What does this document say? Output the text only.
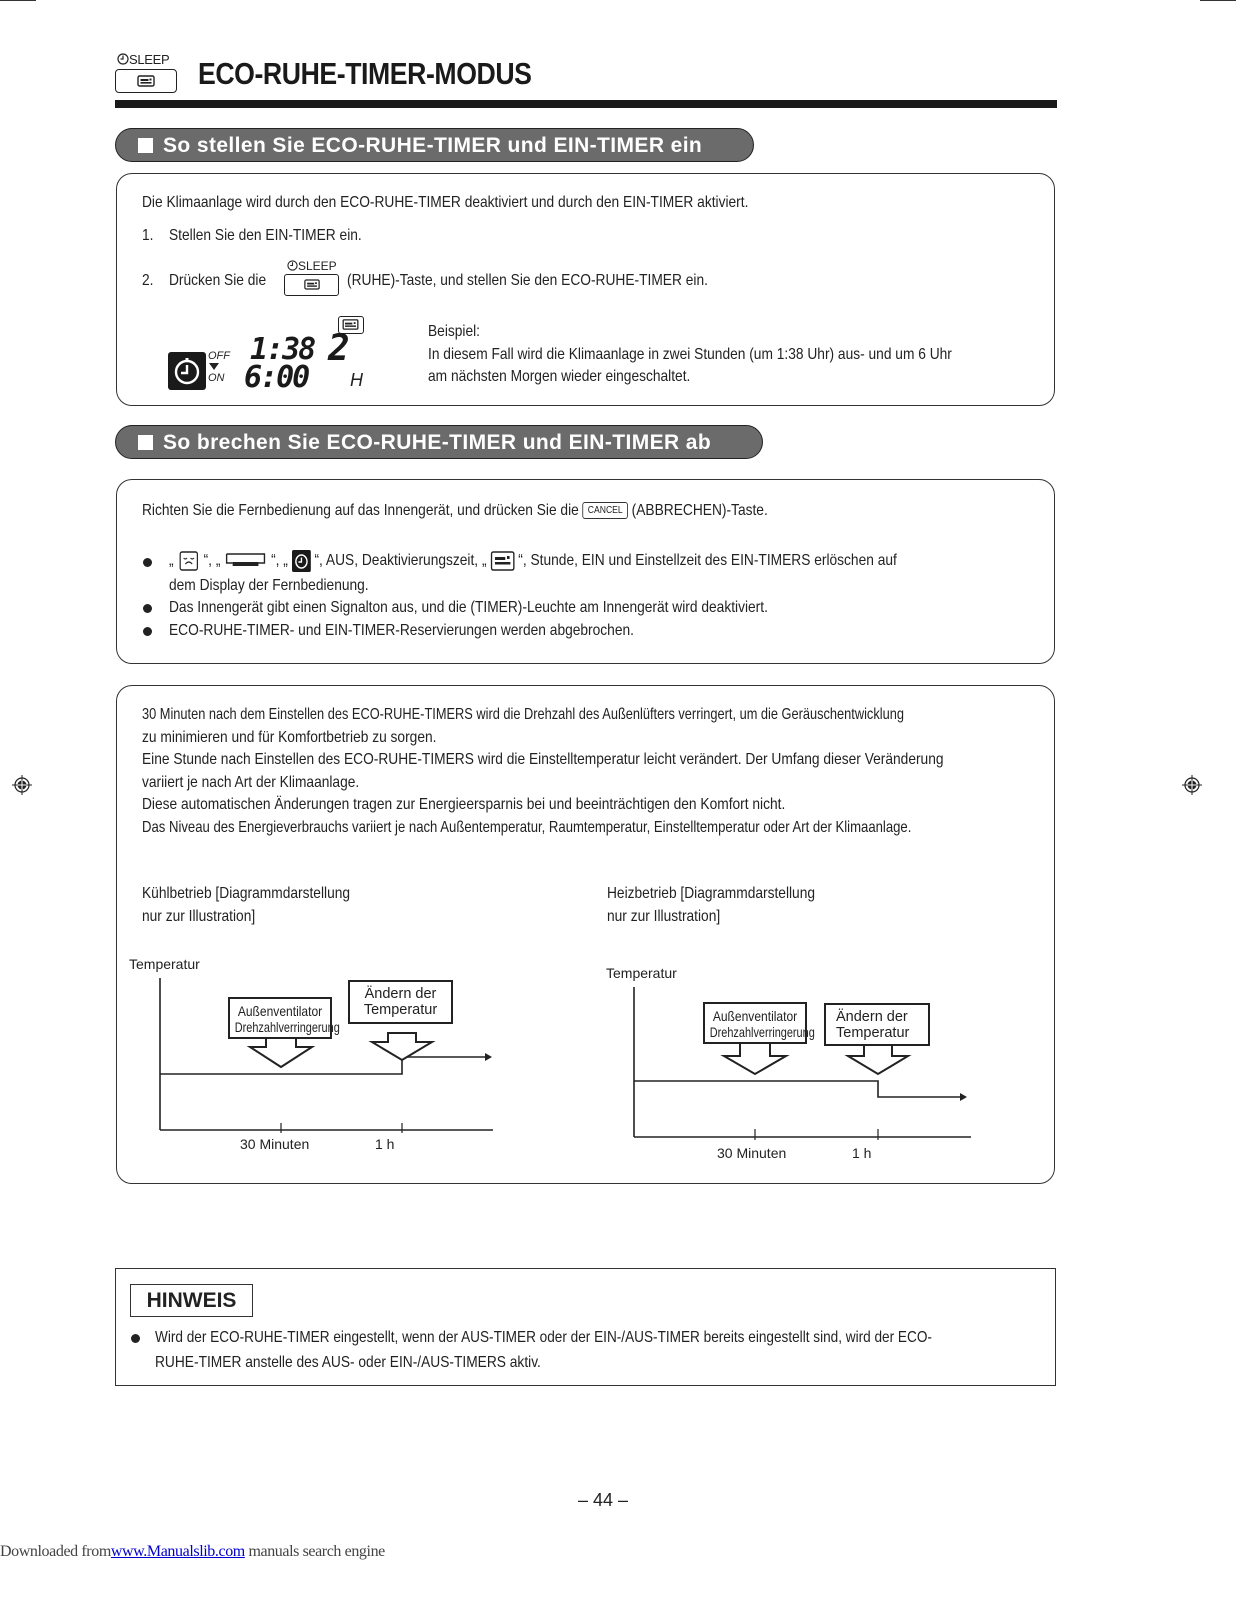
SLEEP ECO-RUHE-TIMER-MODUS
So stellen Sie ECO-RUHE-TIMER und EIN-TIMER ein
Die Klimaanlage wird durch den ECO-RUHE-TIMER deaktiviert und durch den EIN-TIMER aktiviert.
1. Stellen Sie den EIN-TIMER ein.
2. Drücken Sie die
SLEEP
(RUHE)-Taste, und stellen Sie den ECO-RUHE-TIMER ein.
OFF
ON
1:38
6:00
2
H
Beispiel:
In diesem Fall wird die Klimaanlage in zwei Stunden (um 1:38 Uhr) aus- und um 6 Uhr
am nächsten Morgen wieder eingeschaltet.
So brechen Sie ECO-RUHE-TIMER und EIN-TIMER ab
Richten Sie die Fernbedienung auf das Innengerät, und drücken Sie die CANCEL (ABBRECHEN)-Taste.
„ “, „	“, „ “, AUS, Deaktivierungszeit, „ “, Stunde, EIN und Einstellzeit des EIN-TIMERS erlöschen auf
dem Display der Fernbedienung.
Das Innengerät gibt einen Signalton aus, und die (TIMER)-Leuchte am Innengerät wird deaktiviert.
ECO-RUHE-TIMER- und EIN-TIMER-Reservierungen werden abgebrochen.
30 Minuten nach dem Einstellen des ECO-RUHE-TIMERS wird die Drehzahl des Außenlüfters verringert, um die Geräuschentwicklung
zu minimieren und für Komfortbetrieb zu sorgen.
Eine Stunde nach Einstellen des ECO-RUHE-TIMERS wird die Einstelltemperatur leicht verändert. Der Umfang dieser Veränderung
variiert je nach Art der Klimaanlage.
Diese automatischen Änderungen tragen zur Energieersparnis bei und beeinträchtigen den Komfort nicht.
Das Niveau des Energieverbrauchs variiert je nach Außentemperatur, Raumtemperatur, Einstelltemperatur oder Art der Klimaanlage.
Kühlbetrieb [Diagrammdarstellung
nur zur Illustration]
Temperatur
Außenventilator
Drehzahlverringerung
Ändern der
Temperatur
30 Minuten	1 h
Heizbetrieb [Diagrammdarstellung
nur zur Illustration]
Temperatur
Außenventilator
Drehzahlverringerung
Ändern der
Temperatur
30 Minuten	1 h
HINWEIS
Wird der ECO-RUHE-TIMER eingestellt, wenn der AUS-TIMER oder der EIN-/AUS-TIMER bereits eingestellt sind, wird der ECO-
RUHE-TIMER anstelle des AUS- oder EIN-/AUS-TIMERS aktiv.
– 44 –
Downloaded fromwww.Manualslib.com manuals search engine
